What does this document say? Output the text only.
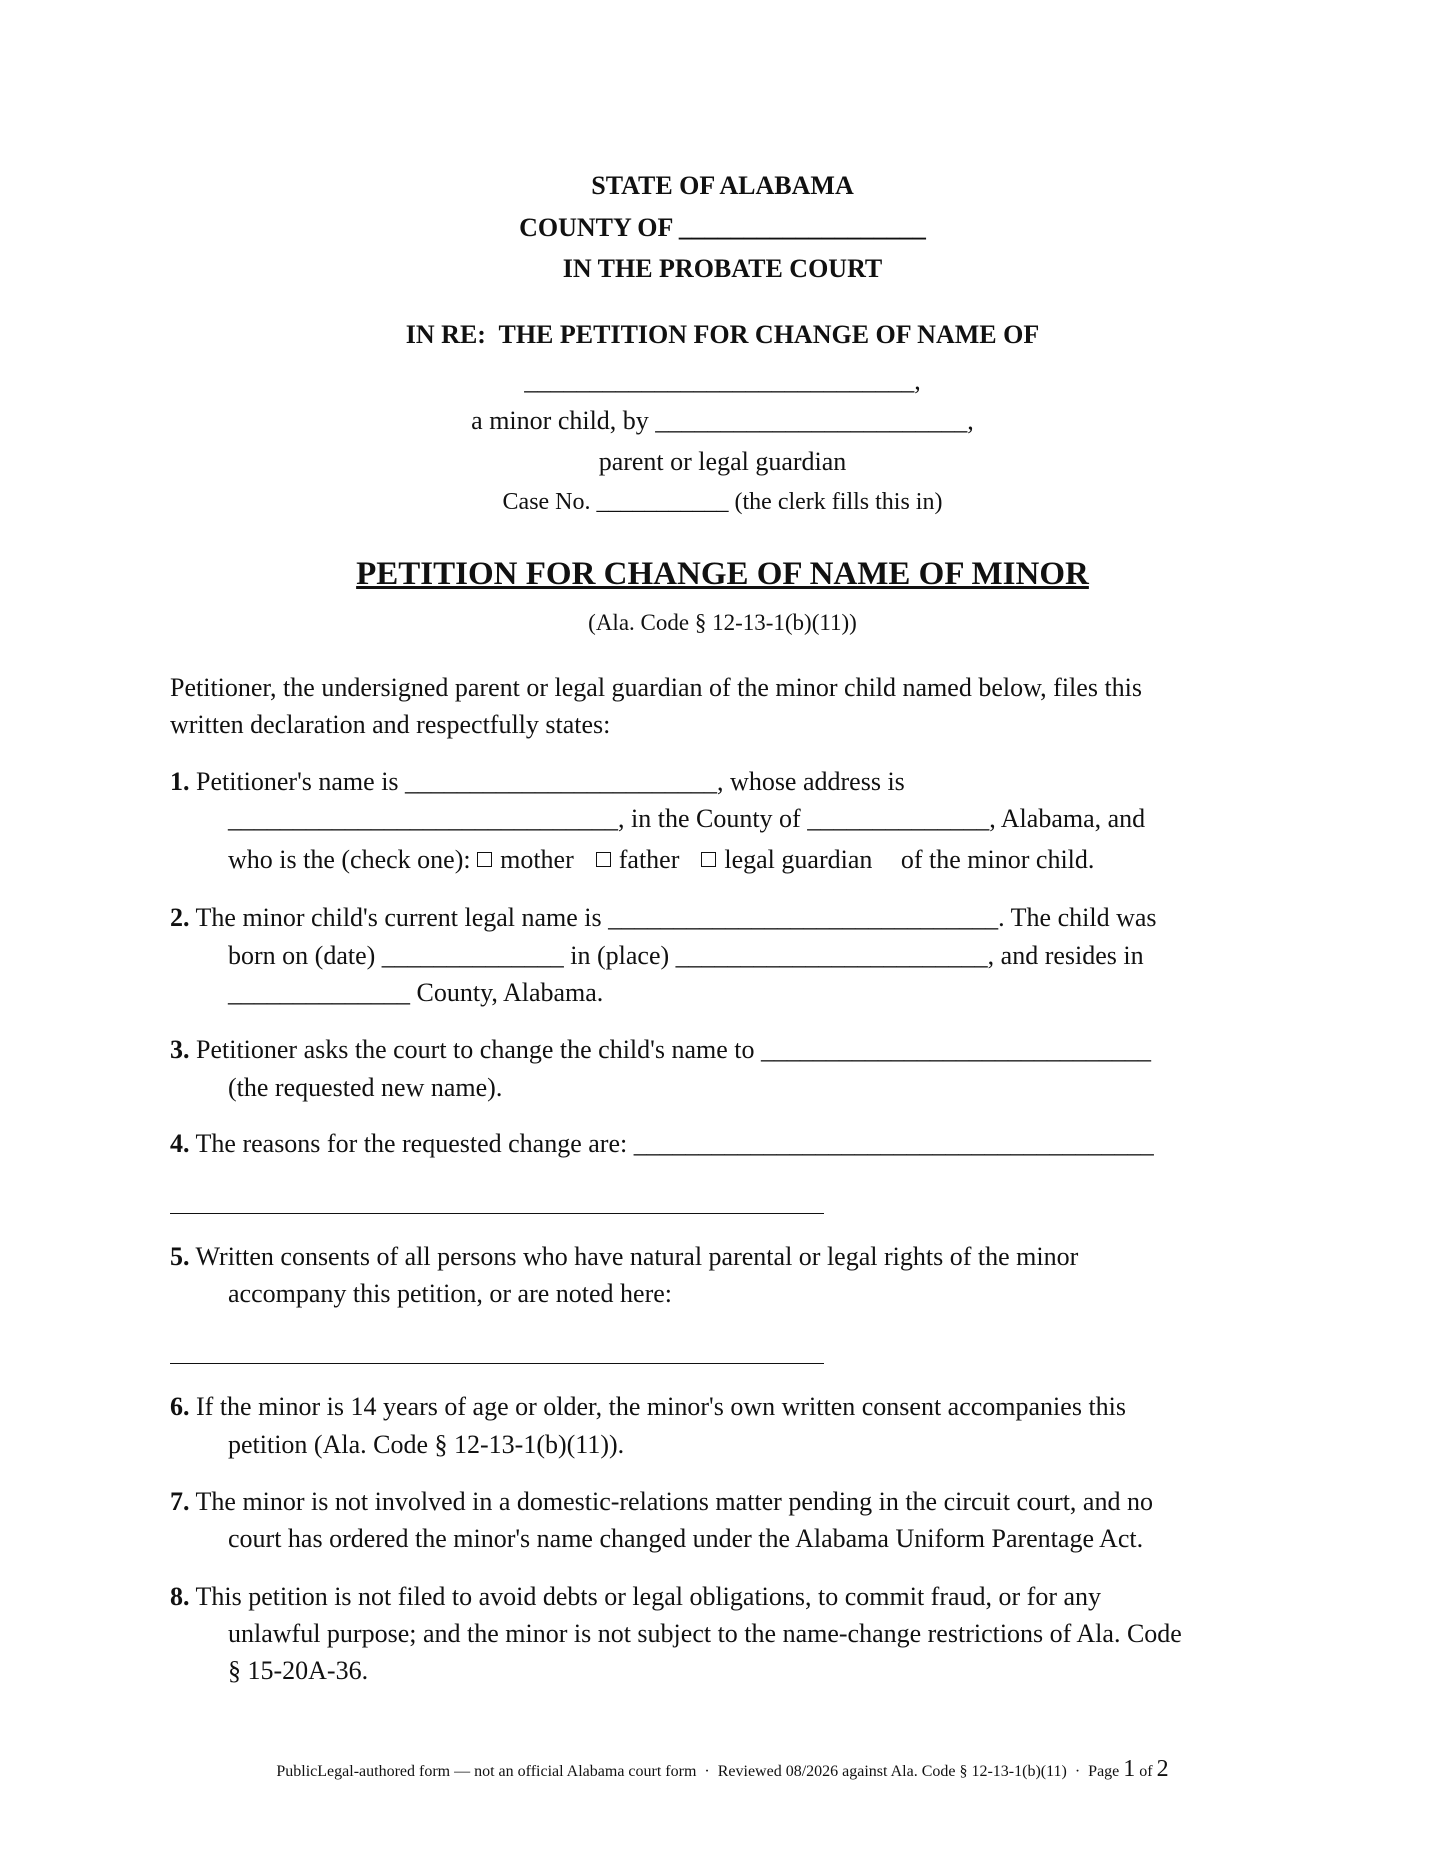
STATE OF ALABAMA
COUNTY OF ___________________
IN THE PROBATE COURT
IN RE:  THE PETITION FOR CHANGE OF NAME OF
______________________________,
a minor child, by ________________________,
parent or legal guardian
Case No. ___________ (the clerk fills this in)
PETITION FOR CHANGE OF NAME OF MINOR
(Ala. Code § 12-13-1(b)(11))
Petitioner, the undersigned parent or legal guardian of the minor child named below, files this
written declaration and respectfully states:
1. Petitioner's name is ________________________, whose address is
______________________________, in the County of ______________, Alabama, and
who is the (check one): mother father legal guardian of the minor child.
2. The minor child's current legal name is ______________________________. The child was
born on (date) ______________ in (place) ________________________, and resides in
______________ County, Alabama.
3. Petitioner asks the court to change the child's name to ______________________________
(the requested new name).
4. The reasons for the requested change are: ________________________________________
5. Written consents of all persons who have natural parental or legal rights of the minor
accompany this petition, or are noted here:
6. If the minor is 14 years of age or older, the minor's own written consent accompanies this
petition (Ala. Code § 12-13-1(b)(11)).
7. The minor is not involved in a domestic-relations matter pending in the circuit court, and no
court has ordered the minor's name changed under the Alabama Uniform Parentage Act.
8. This petition is not filed to avoid debts or legal obligations, to commit fraud, or for any
unlawful purpose; and the minor is not subject to the name-change restrictions of Ala. Code
§ 15-20A-36.
PublicLegal-authored form — not an official Alabama court form  ·  Reviewed 08/2026 against Ala. Code § 12-13-1(b)(11)  ·  Page 1 of 2
